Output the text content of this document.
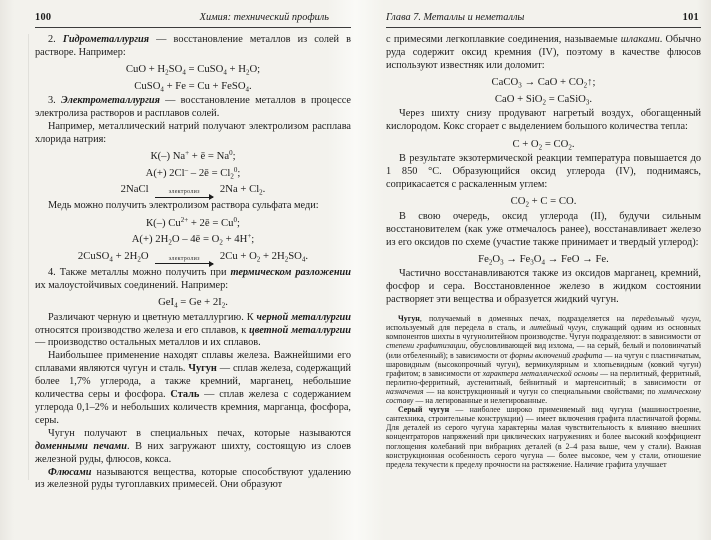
100	Химия: технический профиль
2. Гидрометаллургия — восстановление металлов из солей в растворе. Например:
CuO + $H_2SO_4$ = CuSO$_4$ + $H_2O$;
CuSO$_4$ + Fe = Cu + FeSO$_4$.
3. Электрометаллургия — восстановление металлов в процессе электролиза растворов и расплавов солей.
Например, металлический натрий получают электролизом расплава хлорида натрия:
К(–) Na+ + ē = $Na^0$;
А(+) 2Cl– – 2ē = $Cl_2^0$;
2NaCl	электролиз	$2Na + Cl_2$.
Медь можно получить электролизом раствора сульфата меди:
К(–) $Cu^{2+}$ + 2ē = $Cu^0$;
А(+) $2H_2O$ – 4ē = $O_2 + 4H^+$;
2CuSO$_4$ + $2H_2O$	электролиз	$2Cu + O_2 + 2H_2SO_4$.
4. Также металлы можно получить при термическом разложении их малоустойчивых соединений. Например:
$GeI_4 = Ge + 2I_2$.
Различают черную и цветную металлургию. К черной металлургии относятся производство железа и его сплавов, к цветной металлургии — производство остальных металлов и их сплавов.
Наибольшее применение находят сплавы железа. Важнейшими его сплавами являются чугун и сталь. Чугун — сплав железа, содержащий более 1,7% углерода, а также кремний, марганец, небольшие количества серы и фосфора. Сталь — сплав железа с содержанием углерода 0,1–2% и небольших количеств кремния, марганца, фосфора, серы.
Чугун получают в специальных печах, которые называются доменными печами. В них загружают шихту, состоящую из слоев железной руды, флюсов, кокса.
Флюсами называются вещества, которые способствуют удалению из железной руды тугоплавких примесей. Они образуют
Глава 7. Металлы и неметаллы	101
с примесями легкоплавкие соединения, называемые шлаками. Обычно руда содержит оксид кремния (IV), поэтому в качестве флюсов используют известняк или доломит:
CaCO$_3$ → CaO + $CO_2↑$;
CaO + SiO$_2$ = CaSiO$_3$.
Через шихту снизу продувают нагретый воздух, обогащенный кислородом. Кокс сгорает с выделением большого количества тепла:
$C + O_2 = CO_2$.
В результате экзотермической реакции температура повышается до 1 850 °С. Образующийся оксид углерода (IV), поднимаясь, соприкасается с раскаленным углем:
$CO_2 + C$ = CO.
В свою очередь, оксид углерода (II), будучи сильным восстановителем (как уже отмечалось ранее), восстанавливает железо из его оксидов по схеме (участие также принимает и твердый углерод):
$Fe_2O_3 \to Fe_3O_4$ → FeO → Fe.
Частично восстанавливаются также из оксидов марганец, кремний, фосфор и сера. Восстановленное железо в жидком состоянии растворяет эти вещества и образуется жидкий чугун.
Чугун, получаемый в доменных печах, подразделяется на передельный чугун, используемый для передела в сталь, и литейный чугун, служащий одним из основных компонентов шихты в чугунолитейном производстве. Чугун подразделяют: в зависимости от степени графитизации, обусловливающей вид излома, — на серый, белый и половинчатый (или отбеленный); в зависимости от формы включений графита — на чугун с пластинчатым, шаровидным (высокопрочный чугун), вермикулярным и хлопьевидным (ковкий чугун) графитом; в зависимости от характера металлической основы — на перлитный, ферритный, перлитно-ферритный, аустенитный, бейнитный и мартенситный; в зависимости от назначения — на конструкционный и чугун со специальными свойствами; по химическому составу — на легированные и нелегированные.
Серый чугун — наиболее широко применяемый вид чугуна (машиностроение, сантехника, строительные конструкции) — имеет включения графита пластинчатой формы. Для деталей из серого чугуна характерны малая чувствительность к влиянию внешних концентраторов напряжений при циклических нагружениях и более высокий коэффициент поглощения колебаний при вибрациях деталей (в 2–4 раза выше, чем у стали). Важная конструкционная особенность серого чугуна — более высокое, чем у стали, отношение предела текучести к пределу прочности на растяжение. Наличие графита улучшает
